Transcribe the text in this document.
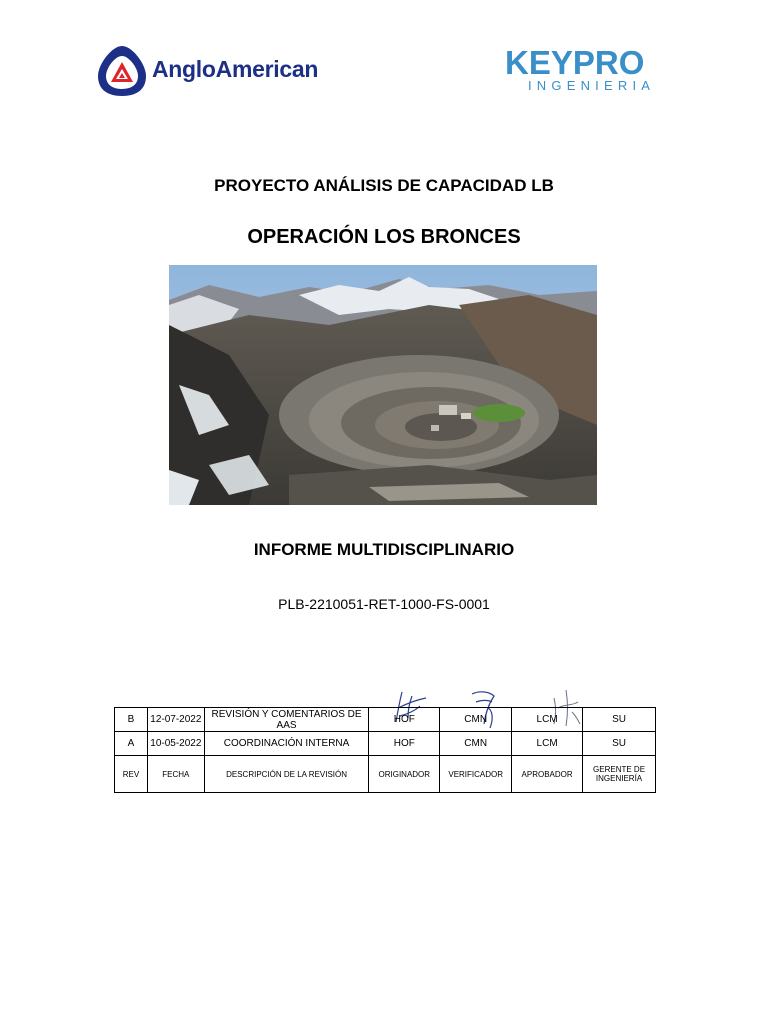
AngloAmerican	KEYPRO
INGENIERIA
PROYECTO ANÁLISIS DE CAPACIDAD LB
OPERACIÓN LOS BRONCES
INFORME MULTIDISCIPLINARIO
PLB-2210051-RET-1000-FS-0001
B	12-07-2022	REVISIÓN Y COMENTARIOS DE AAS	HOF	CMN	LCM	SU
A	10-05-2022	COORDINACIÓN INTERNA	HOF	CMN	LCM	SU
REV	FECHA	DESCRIPCIÓN DE LA REVISIÓN	ORIGINADOR	VERIFICADOR	APROBADOR	GERENTE DE INGENIERÍA
